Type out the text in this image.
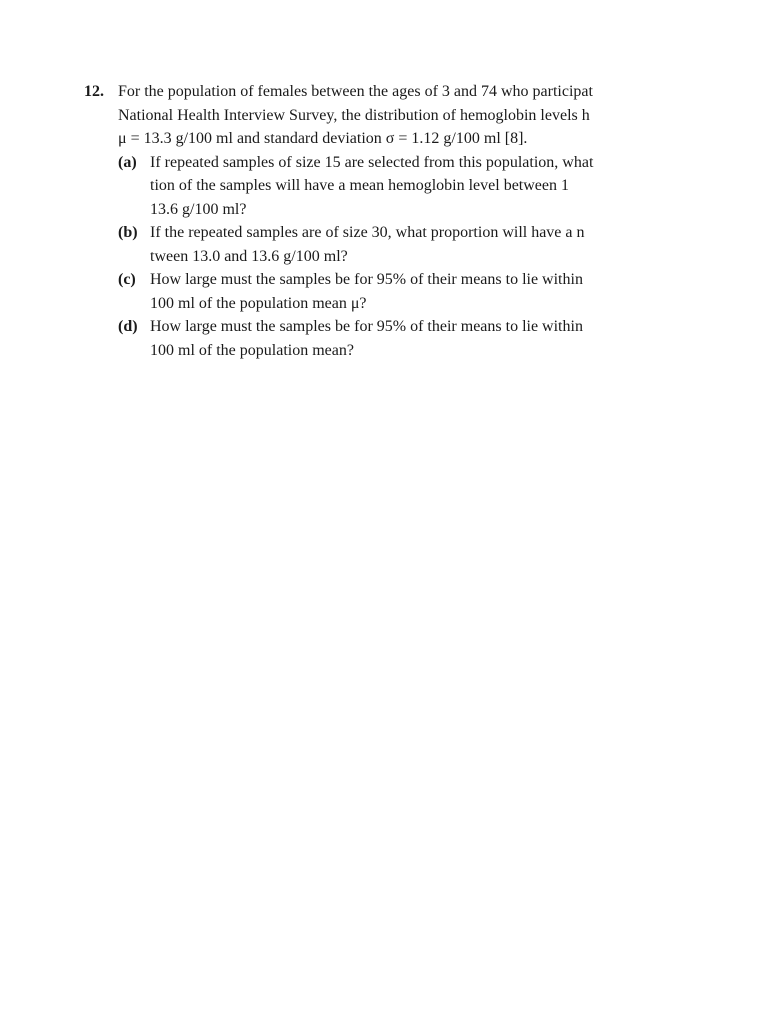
12. For the population of females between the ages of 3 and 74 who participat
National Health Interview Survey, the distribution of hemoglobin levels h
μ = 13.3 g/100 ml and standard deviation σ = 1.12 g/100 ml [8].
(a) If repeated samples of size 15 are selected from this population, what
tion of the samples will have a mean hemoglobin level between 1
13.6 g/100 ml?
(b) If the repeated samples are of size 30, what proportion will have a n
tween 13.0 and 13.6 g/100 ml?
(c) How large must the samples be for 95% of their means to lie within
100 ml of the population mean μ?
(d) How large must the samples be for 95% of their means to lie within
100 ml of the population mean?
